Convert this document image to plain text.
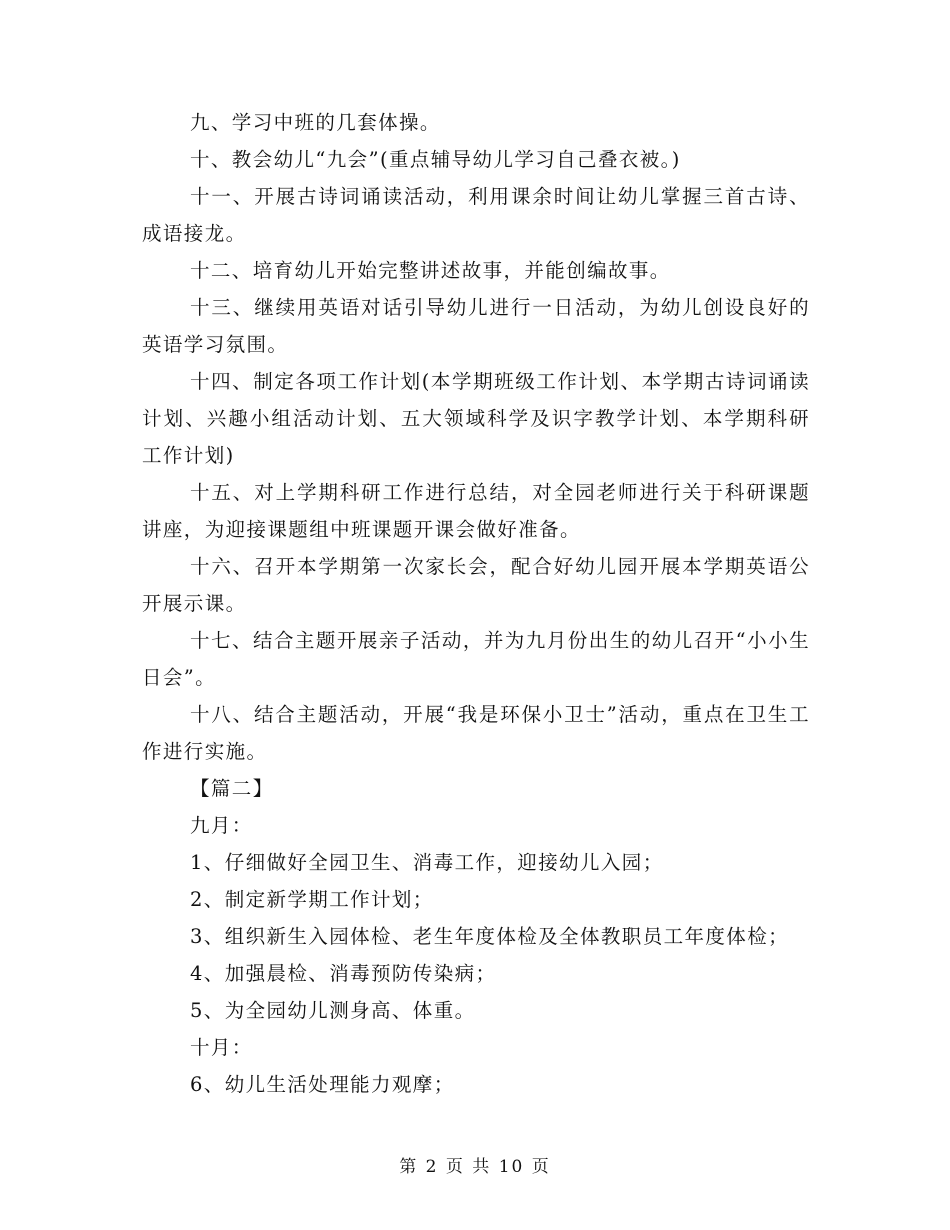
九、学习中班的几套体操。

十、教会幼儿“九会”(重点辅导幼儿学习自己叠衣被。)

十一、开展古诗词诵读活动，利用课余时间让幼儿掌握三首古诗、成语接龙。

十二、培育幼儿开始完整讲述故事，并能创编故事。

十三、继续用英语对话引导幼儿进行一日活动，为幼儿创设良好的英语学习氛围。

十四、制定各项工作计划(本学期班级工作计划、本学期古诗词诵读计划、兴趣小组活动计划、五大领域科学及识字教学计划、本学期科研工作计划)

十五、对上学期科研工作进行总结，对全园老师进行关于科研课题讲座，为迎接课题组中班课题开课会做好准备。

十六、召开本学期第一次家长会，配合好幼儿园开展本学期英语公开展示课。

十七、结合主题开展亲子活动，并为九月份出生的幼儿召开“小小生日会”。

十八、结合主题活动，开展“我是环保小卫士”活动，重点在卫生工作进行实施。

【篇二】

九月：

1、仔细做好全园卫生、消毒工作，迎接幼儿入园；

2、制定新学期工作计划；

3、组织新生入园体检、老生年度体检及全体教职员工年度体检；

4、加强晨检、消毒预防传染病；

5、为全园幼儿测身高、体重。

十月：

6、幼儿生活处理能力观摩；

第 2 页 共 10 页
